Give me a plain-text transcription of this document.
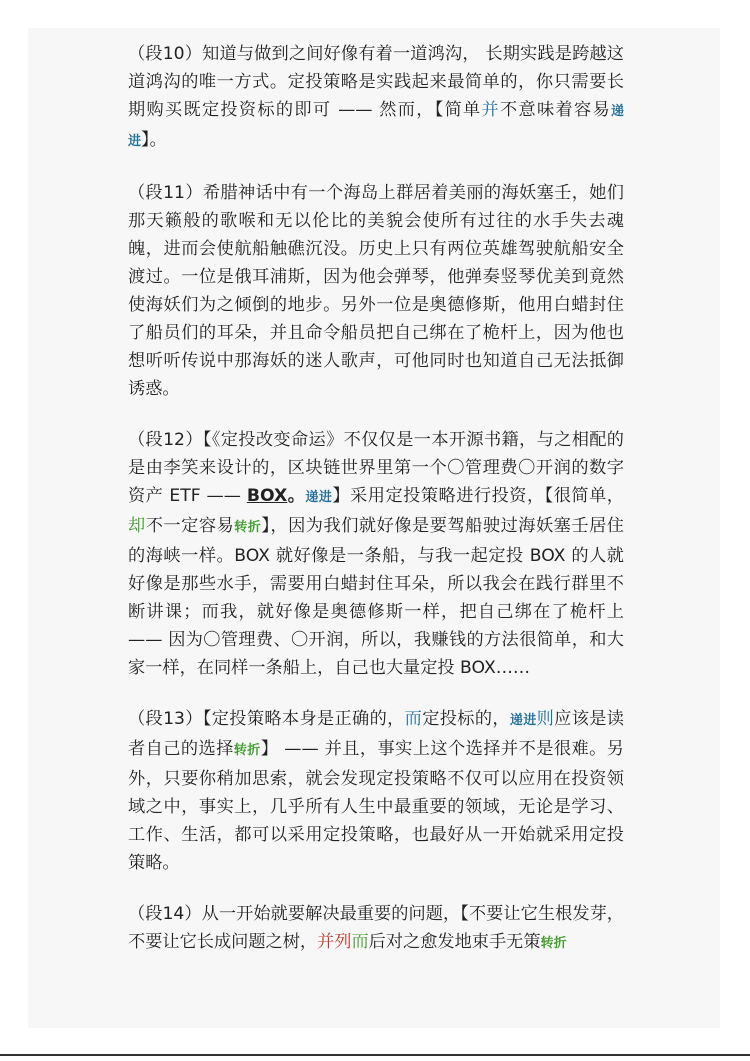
（段10）知道与做到之间好像有着一道鸿沟， 长期实践是跨越这道鸿沟的唯一方式。定投策略是实践起来最简单的，你只需要长期购买既定投资标的即可 —— 然而，【简单并不意味着容易递进】。

（段11）希腊神话中有一个海岛上群居着美丽的海妖塞壬，她们那天籁般的歌喉和无以伦比的美貌会使所有过往的水手失去魂魄，进而会使航船触礁沉没。历史上只有两位英雄驾驶航船安全渡过。一位是俄耳浦斯，因为他会弹琴，他弹奏竖琴优美到竟然使海妖们为之倾倒的地步。另外一位是奥德修斯，他用白蜡封住了船员们的耳朵，并且命令船员把自己绑在了桅杆上，因为他也想听听传说中那海妖的迷人歌声，可他同时也知道自己无法抵御诱惑。

（段12）【《定投改变命运》不仅仅是一本开源书籍，与之相配的是由李笑来设计的，区块链世界里第一个〇管理费〇开润的数字资产 ETF —— BOX。递进】采用定投策略进行投资，【很简单，却不一定容易转折】，因为我们就好像是要驾船驶过海妖塞壬居住的海峡一样。BOX 就好像是一条船，与我一起定投 BOX 的人就好像是那些水手，需要用白蜡封住耳朵，所以我会在践行群里不断讲课；而我，就好像是奥德修斯一样，把自己绑在了桅杆上 —— 因为〇管理费、〇开润，所以，我赚钱的方法很简单，和大家一样，在同样一条船上，自己也大量定投 BOX……

（段13）【定投策略本身是正确的，而定投标的，递进则应该是读者自己的选择转折】 —— 并且，事实上这个选择并不是很难。另外，只要你稍加思索，就会发现定投策略不仅可以应用在投资领域之中，事实上，几乎所有人生中最重要的领域，无论是学习、工作、生活，都可以采用定投策略，也最好从一开始就采用定投策略。

（段14）从一开始就要解决最重要的问题，【不要让它生根发芽，不要让它长成问题之树，并列而后对之愈发地束手无策转折
